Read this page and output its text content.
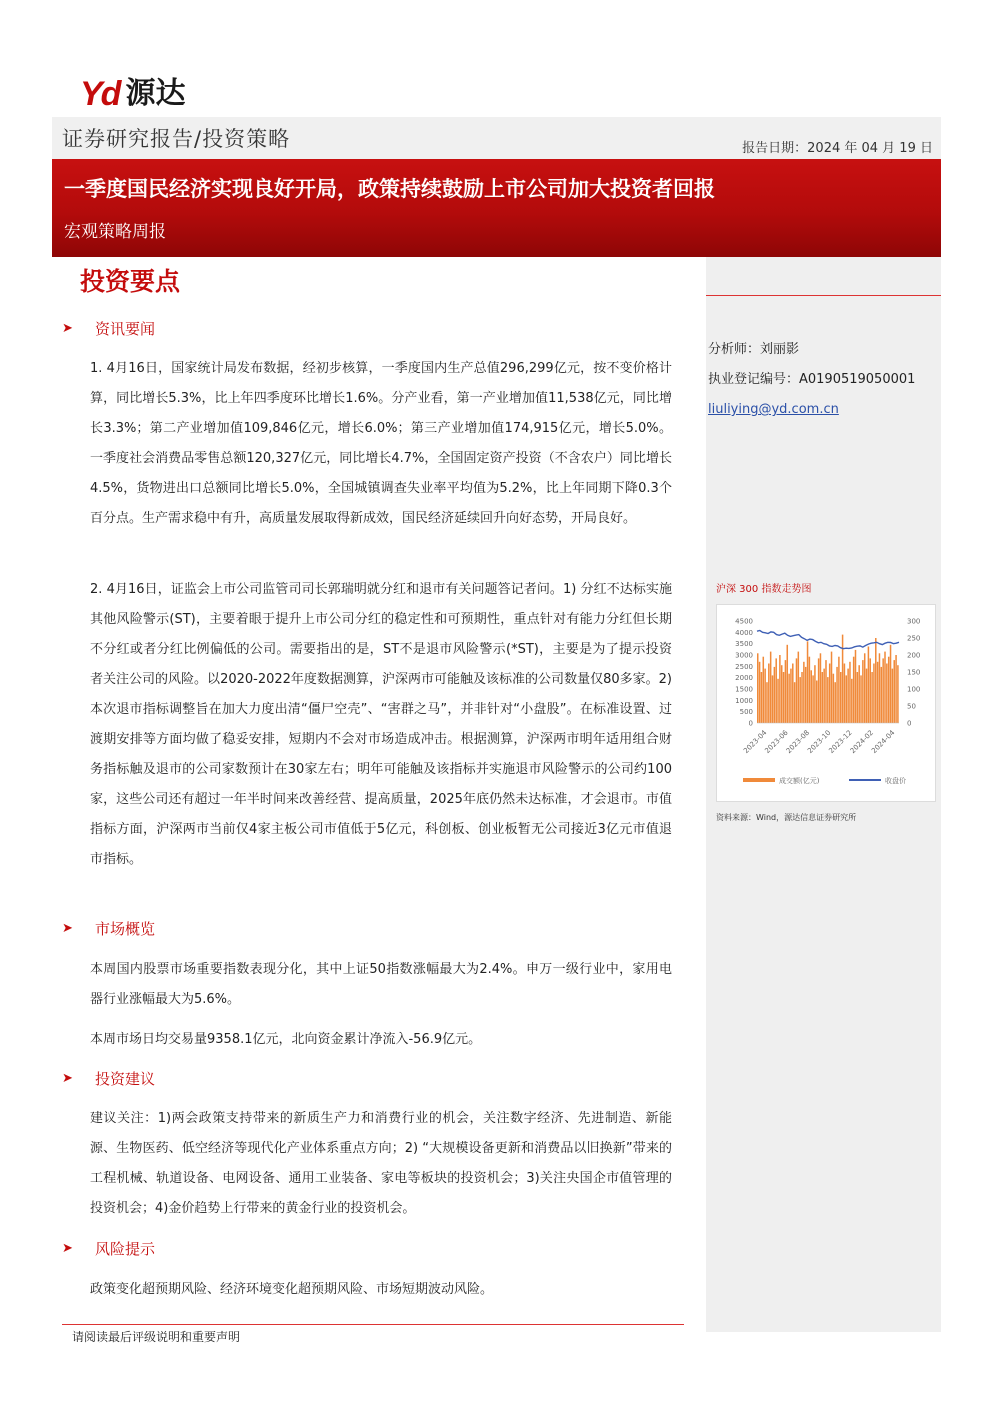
Yd 源达
证券研究报告/投资策略	报告日期：2024 年 04 月 19 日
一季度国民经济实现良好开局，政策持续鼓励上市公司加大投资者回报
宏观策略周报
分析师：刘丽影
执业登记编号：A0190519050001
liuliying@yd.com.cn
沪深 300 指数走势图
4500
4000
3500
3000
2500
2000
1500
1000
500
0
300
250
200
150
100
50
0
2023-04
2023-06
2023-08
2023-10
2023-12
2024-02
2024-04
成交额(亿元)	收盘价
资料来源：Wind，源达信息证券研究所
投资要点
➤	资讯要闻
1. 4月16日，国家统计局发布数据，经初步核算，一季度国内生产总值296,299亿元，按不变价格计算，同比增长5.3%，比上年四季度环比增长1.6%。分产业看，第一产业增加值11,538亿元，同比增长3.3%；第二产业增加值109,846亿元，增长6.0%；第三产业增加值174,915亿元，增长5.0%。一季度社会消费品零售总额120,327亿元，同比增长4.7%，全国固定资产投资（不含农户）同比增长4.5%，货物进出口总额同比增长5.0%，全国城镇调查失业率平均值为5.2%，比上年同期下降0.3个百分点。生产需求稳中有升，高质量发展取得新成效，国民经济延续回升向好态势，开局良好。
2. 4月16日，证监会上市公司监管司司长郭瑞明就分红和退市有关问题答记者问。1) 分红不达标实施其他风险警示(ST)，主要着眼于提升上市公司分红的稳定性和可预期性，重点针对有能力分红但长期不分红或者分红比例偏低的公司。需要指出的是，ST不是退市风险警示(*ST)，主要是为了提示投资者关注公司的风险。以2020-2022年度数据测算，沪深两市可能触及该标准的公司数量仅80多家。2) 本次退市指标调整旨在加大力度出清“僵尸空壳”、“害群之马”，并非针对“小盘股”。在标准设置、过渡期安排等方面均做了稳妥安排，短期内不会对市场造成冲击。根据测算，沪深两市明年适用组合财务指标触及退市的公司家数预计在30家左右；明年可能触及该指标并实施退市风险警示的公司约100家，这些公司还有超过一年半时间来改善经营、提高质量，2025年底仍然未达标准，才会退市。市值指标方面，沪深两市当前仅4家主板公司市值低于5亿元，科创板、创业板暂无公司接近3亿元市值退市指标。
➤	市场概览
本周国内股票市场重要指数表现分化，其中上证50指数涨幅最大为2.4%。申万一级行业中，家用电器行业涨幅最大为5.6%。
本周市场日均交易量9358.1亿元，北向资金累计净流入-56.9亿元。
➤	投资建议
建议关注：1)两会政策支持带来的新质生产力和消费行业的机会，关注数字经济、先进制造、新能源、生物医药、低空经济等现代化产业体系重点方向；2) “大规模设备更新和消费品以旧换新”带来的工程机械、轨道设备、电网设备、通用工业装备、家电等板块的投资机会；3)关注央国企市值管理的投资机会；4)金价趋势上行带来的黄金行业的投资机会。
➤	风险提示
政策变化超预期风险、经济环境变化超预期风险、市场短期波动风险。
请阅读最后评级说明和重要声明
